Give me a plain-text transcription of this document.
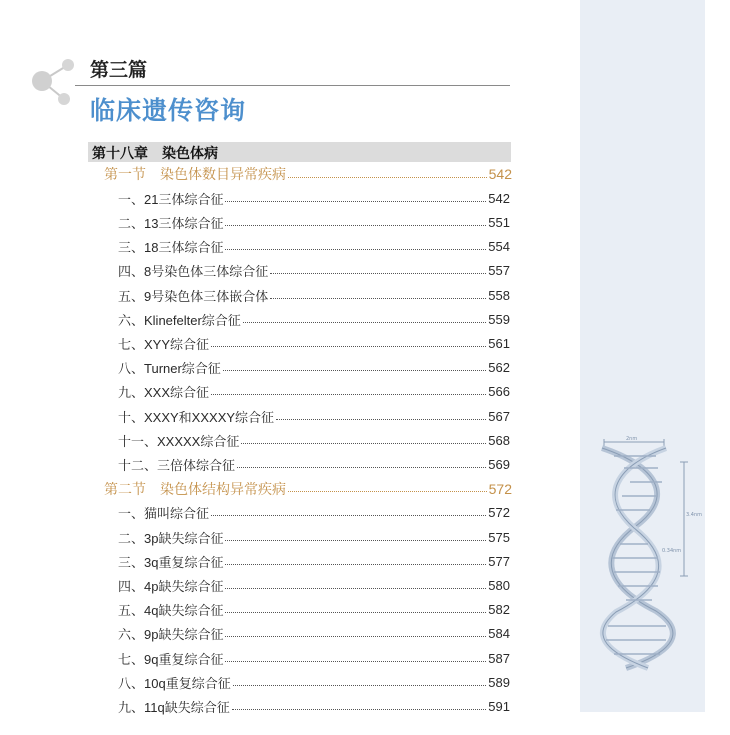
2nm
3.4nm
0.34nm
第三篇
临床遗传咨询
第十八章　染色体病
第一节　染色体数目异常疾病	542
一、21三体综合征	542
二、13三体综合征	551
三、18三体综合征	554
四、8号染色体三体综合征	557
五、9号染色体三体嵌合体	558
六、Klinefelter综合征	559
七、XYY综合征	561
八、Turner综合征	562
九、XXX综合征	566
十、XXXY和XXXXY综合征	567
十一、XXXXX综合征	568
十二、三倍体综合征	569
第二节　染色体结构异常疾病	572
一、猫叫综合征	572
二、3p缺失综合征	575
三、3q重复综合征	577
四、4p缺失综合征	580
五、4q缺失综合征	582
六、9p缺失综合征	584
七、9q重复综合征	587
八、10q重复综合征	589
九、11q缺失综合征	591
